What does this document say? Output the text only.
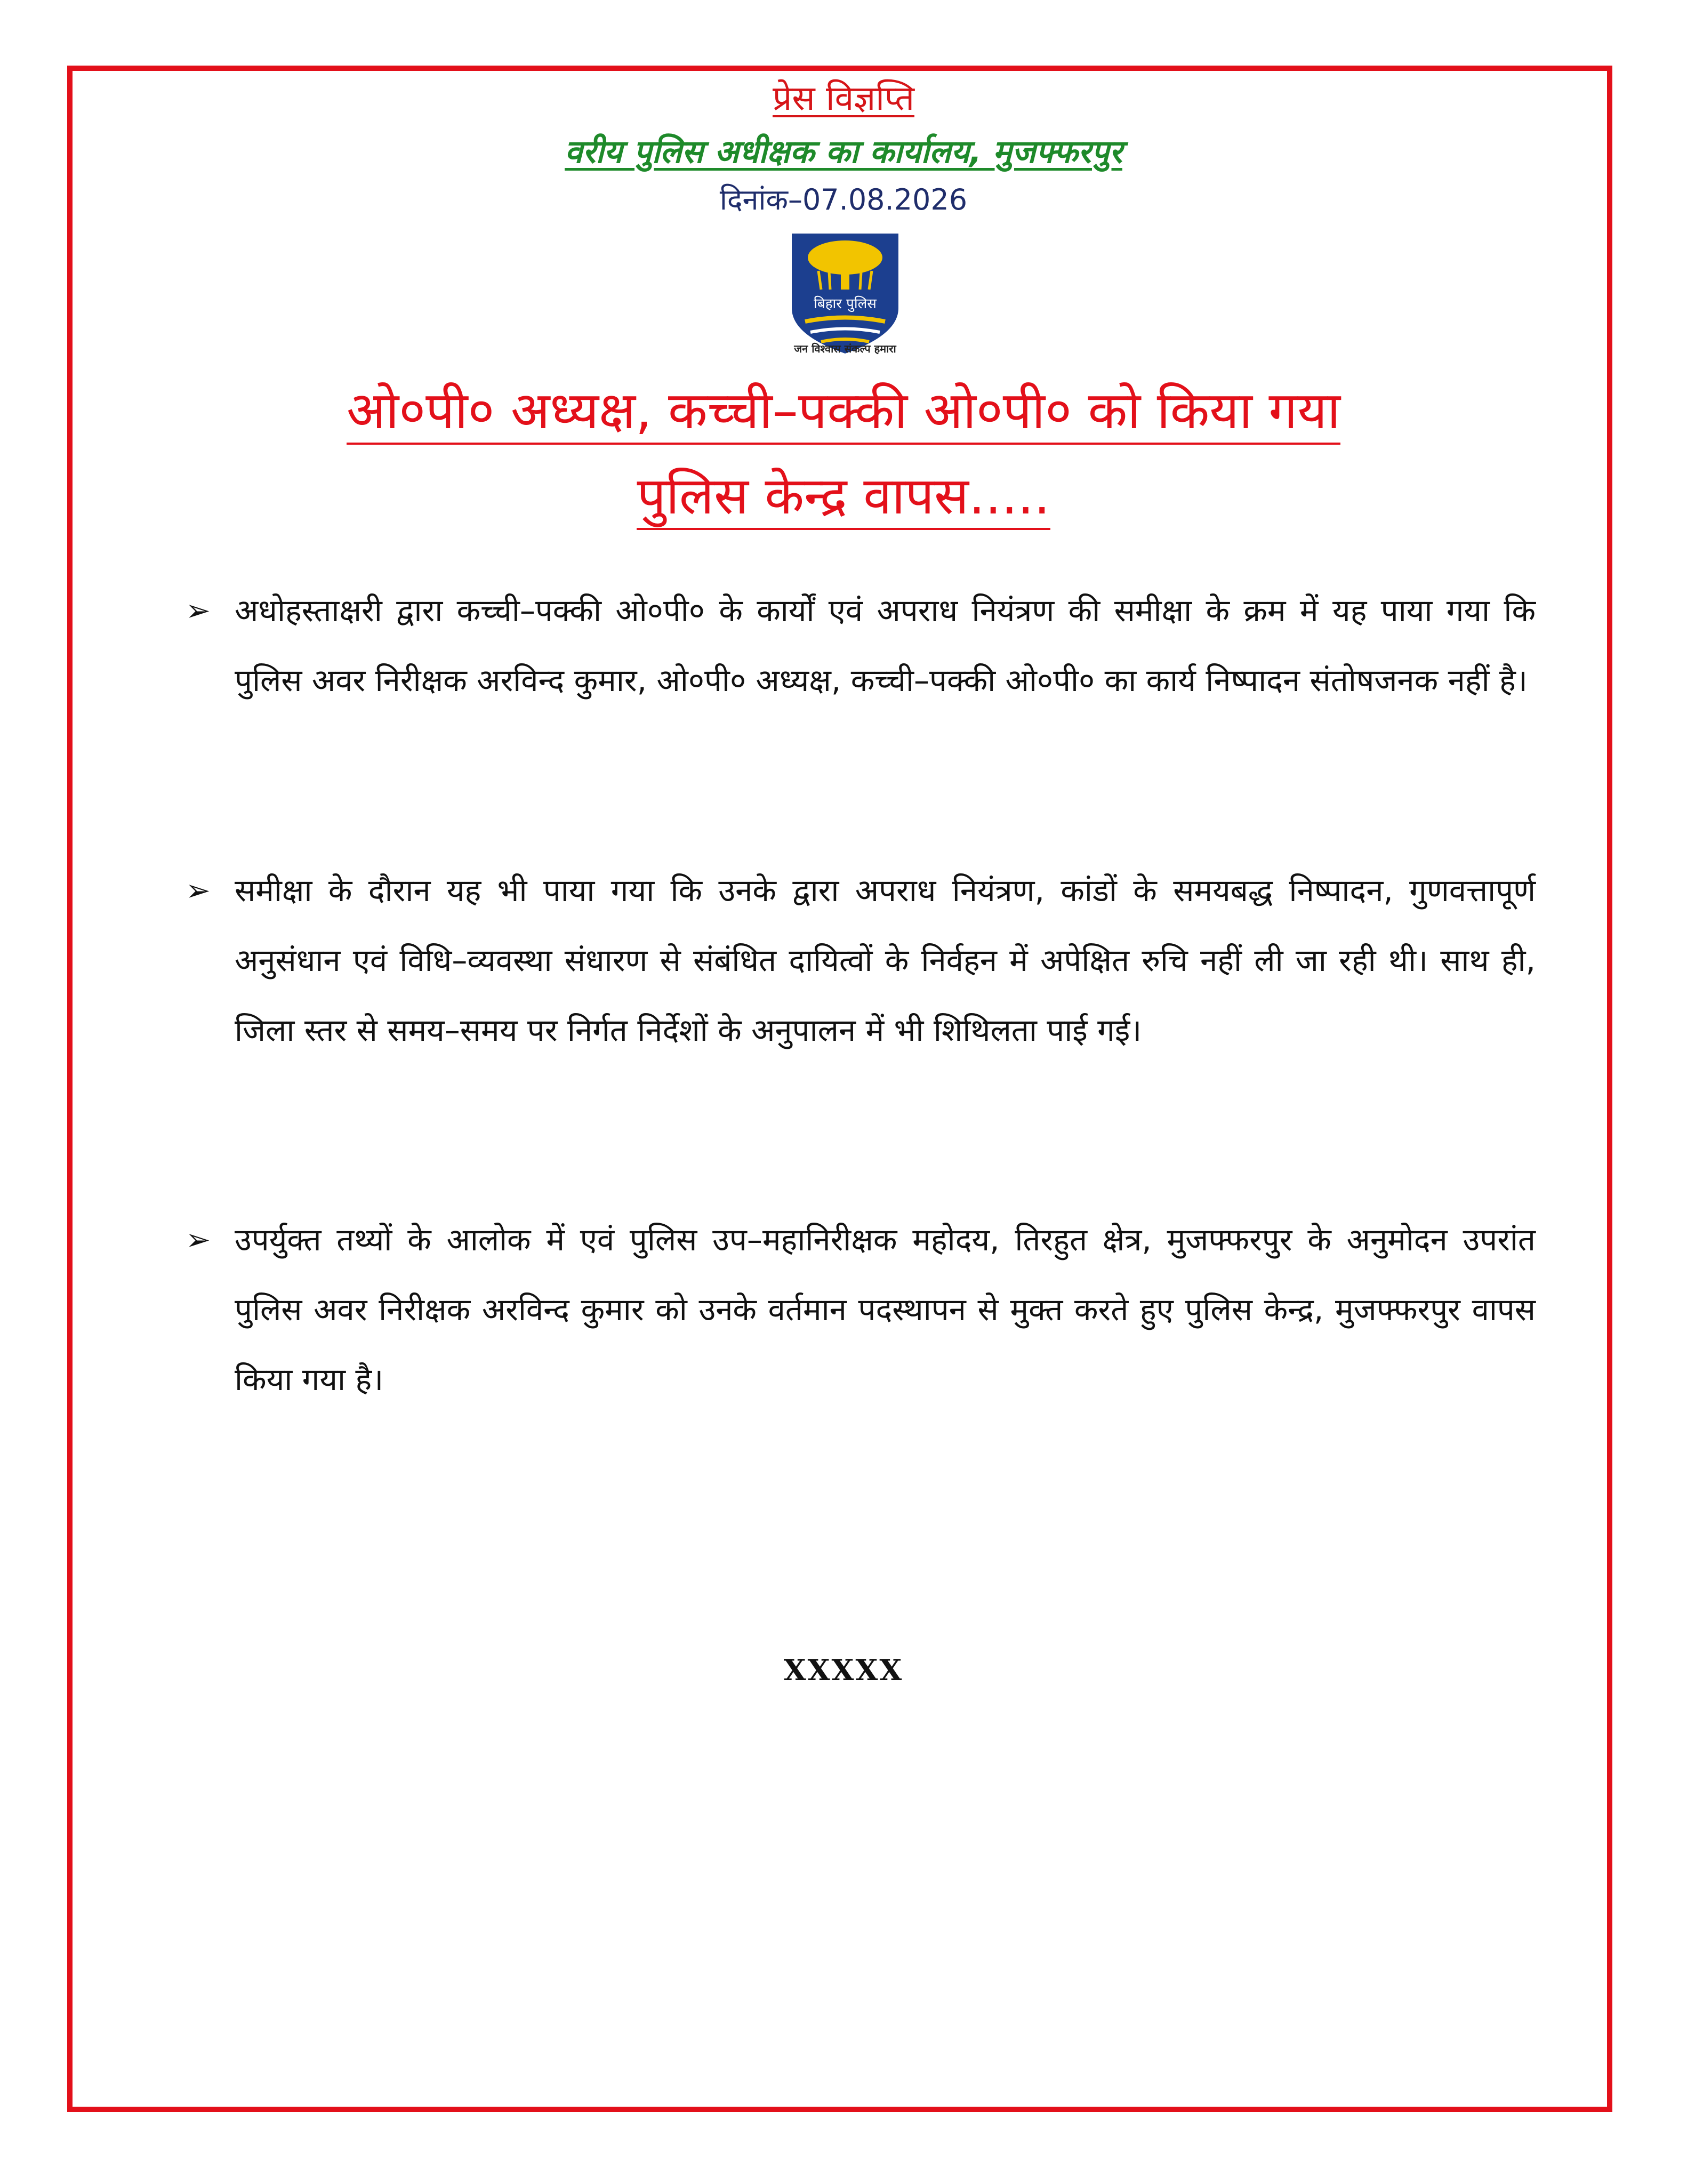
प्रेस विज्ञप्ति
वरीय पुलिस अधीक्षक का कार्यालय, मुजफ्फरपुर
दिनांक–07.08.2026
बिहार पुलिस
जन विश्वास संकल्प हमारा
ओ०पी० अध्यक्ष, कच्ची–पक्की ओ०पी० को किया गया
पुलिस केन्द्र वापस.....
➢ अधोहस्ताक्षरी द्वारा कच्ची–पक्की ओ०पी० के कार्यों एवं अपराध नियंत्रण की समीक्षा के क्रम में यह पाया गया कि पुलिस अवर निरीक्षक अरविन्द कुमार, ओ०पी० अध्यक्ष, कच्ची–पक्की ओ०पी० का कार्य निष्पादन संतोषजनक नहीं है।
➢ समीक्षा के दौरान यह भी पाया गया कि उनके द्वारा अपराध नियंत्रण, कांडों के समयबद्ध निष्पादन, गुणवत्तापूर्ण अनुसंधान एवं विधि–व्यवस्था संधारण से संबंधित दायित्वों के निर्वहन में अपेक्षित रुचि नहीं ली जा रही थी। साथ ही, जिला स्तर से समय–समय पर निर्गत निर्देशों के अनुपालन में भी शिथिलता पाई गई।
➢ उपर्युक्त तथ्यों के आलोक में एवं पुलिस उप–महानिरीक्षक महोदय, तिरहुत क्षेत्र, मुजफ्फरपुर के अनुमोदन उपरांत पुलिस अवर निरीक्षक अरविन्द कुमार को उनके वर्तमान पदस्थापन से मुक्त करते हुए पुलिस केन्द्र, मुजफ्फरपुर वापस किया गया है।
XXXXX
